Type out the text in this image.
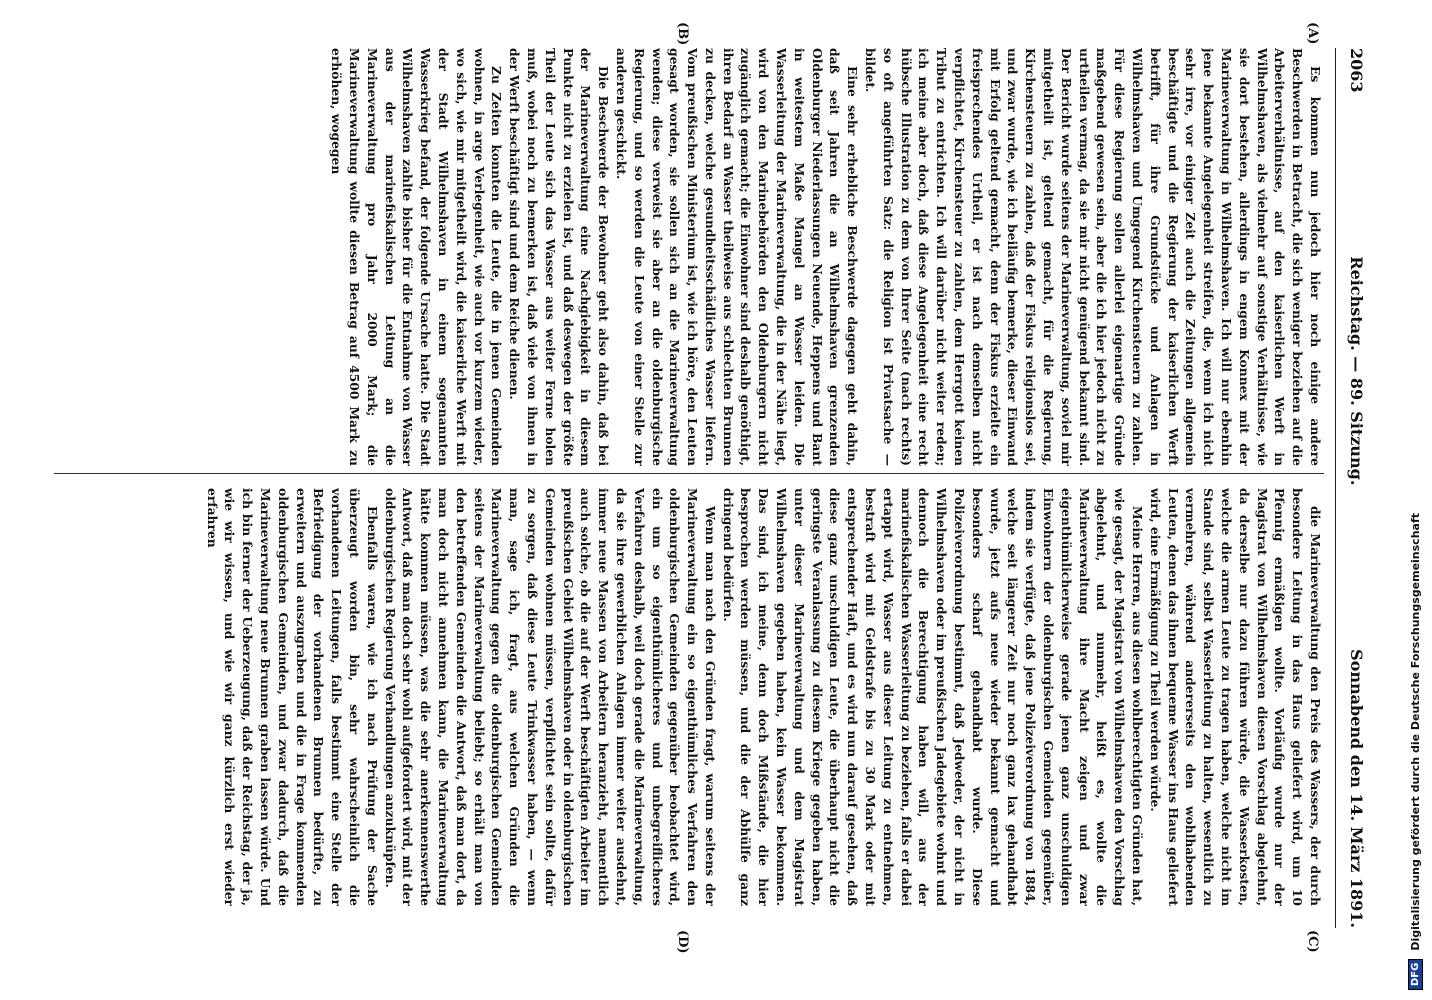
2063
Reichstag. — 89. Sitzung.
Sonnabend den 14. März 1891.
(A)
(B)
(C)
(D)

Es kommen nun jedoch hier noch einige andere Beschwerden in Betracht, die sich weniger beziehen auf die Arbeiterverhältnisse, auf den kaiserlichen Werft in Wilhelmshaven, als vielmehr auf sonstige Verhältnisse, wie sie dort bestehen, allerdings in engem Konnex mit der Marineverwaltung in Wilhelmshaven. Ich will nur ebenhin jene bekannte Angelegenheit streifen, die, wenn ich nicht sehr irre, vor einiger Zeit auch die Zeitungen allgemein beschäftigte und die Regierung der kaiserlichen Werft betrifft, für ihre Grundstücke und Anlagen in Wilhelmshaven und Umgegend Kirchensteuern zu zahlen. Für diese Regierung sollen allerlei eigenartige Gründe maßgebend gewesen sein, aber die ich hier jedoch nicht zu urtheilen vermag, da sie mir nicht genügend bekannt sind. Der Bericht wurde seitens der Marineverwaltung, soviel mir mitgetheilt ist, geltend gemacht, für die Regierung, Kirchensteuern zu zahlen, daß der Fiskus religionslos sei, und zwar wurde, wie ich beiläufig bemerke, dieser Einwand mit Erfolg geltend gemacht, denn der Fiskus erzielte ein freisprechendes Urtheil, er ist nach demselben nicht verpflichtet, Kirchensteuer zu zahlen, dem Herrgott keinen Tribut zu entrichten. Ich will darüber nicht weiter reden; ich meine aber doch, daß diese Angelegenheit eine recht hübsche Illustration zu dem von Ihrer Seite (nach rechts) so oft angeführten Satz: die Religion ist Privatsache — bildet.

Eine sehr erhebliche Beschwerde dagegen geht dahin, daß seit Jahren die an Wilhelmshaven grenzenden Oldenburger Niederlassungen Neuende, Heppens und Bant in weitestem Maße Mangel an Wasser leiden. Die Wasserleitung der Marineverwaltung, die in der Nähe liegt, wird von den Marinebehörden den Oldenburgern nicht zugänglich gemacht; die Einwohner sind deshalb genöthigt, ihren Bedarf an Wasser theilweise aus schlechten Brunnen zu decken, welche gesundheitsschädliches Wasser liefern. Vom preußischen Ministerium ist, wie ich höre, den Leuten gesagt worden, sie sollen sich an die Marineverwaltung wenden; diese verweist sie aber an die oldenburgische Regierung, und so werden die Leute von einer Stelle zur anderen geschickt.

Die Beschwerde der Bewohner geht also dahin, daß bei der Marineverwaltung eine Nachgiebigkeit in diesem Punkte nicht zu erzielen ist, und daß deswegen der größte Theil der Leute sich das Wasser aus weiter Ferne holen muß, wobei noch zu bemerken ist, daß viele von ihnen in der Werft beschäftigt sind und dem Reiche dienen.

Zu Zeiten konnten die Leute, die in jenen Gemeinden wohnen, in arge Verlegenheit, wie auch vor kurzem wieder, wo sich, wie mir mitgetheilt wird, die kaiserliche Werft mit der Stadt Wilhelmshaven in einem sogenannten Wasserkrieg befand, der folgende Ursache hatte. Die Stadt Wilhelmshaven zahlte bisher für die Entnahme von Wasser aus der marinefiskalischen Leitung an die Marineverwaltung pro Jahr 2000 Mark; die Marineverwaltung wollte diesen Betrag auf 4500 Mark zu erhöhen, wogegen

die Marineverwaltung den Preis des Wassers, der durch besondere Leitung in das Haus geliefert wird, um 10 Pfennig ermäßigen wollte. Vorläufig wurde nur der Magistrat von Wilhelmshaven diesen Vorschlag abgelehnt, da derselbe nur dazu führen würde, die Wasserkosten, welche die armen Leute zu tragen haben, welche nicht im Stande sind, selbst Wasserleitung zu halten, wesentlich zu vermehren, während andererseits den wohlhabenden Leuten, denen das ihnen bequeme Wasser ins Haus geliefert wird, eine Ermäßigung zu Theil werden würde.

Meine Herren, aus diesen wohlberechtigten Gründen hat, wie gesagt, der Magistrat von Wilhelmshaven den Vorschlag abgelehnt, und nunmehr, heißt es, wollte die Marineverwaltung ihre Macht zeigen und zwar eigenthümlicherweise gerade jenen ganz unschuldigen Einwohnern der oldenburgischen Gemeinden gegenüber, indem sie verfügte, daß jene Polizeiverordnung von 1884, welche seit längerer Zeit nur noch ganz lax gehandhabt wurde, jetzt aufs neue wieder bekannt gemacht und besonders scharf gehandhabt wurde. Diese Polizeiverordnung bestimmt, daß Jedweder, der nicht in Wilhelmshaven oder im preußischen Jadegebiete wohnt und dennoch die Berechtigung haben will, aus der marinefiskalischen Wasserleitung zu beziehen, falls er dabei ertappt wird, Wasser aus dieser Leitung zu entnehmen, bestraft wird mit Geldstrafe bis zu 30 Mark oder mit entsprechender Haft, und es wird nun darauf gesehen, daß diese ganz unschuldigen Leute, die überhaupt nicht die geringste Veranlassung zu diesem Kriege gegeben haben, unter dieser Marineverwaltung und dem Magistrat Wilhelmshaven gegeben haben, kein Wasser bekommen. Das sind, ich meine, denn doch Mißstände, die hier besprochen werden müssen, und die der Abhülfe ganz dringend bedürfen.

Wenn man nach den Gründen fragt, warum seitens der Marineverwaltung ein so eigenthümliches Verfahren den oldenburgischen Gemeinden gegenüber beobachtet wird, ein um so eigenthümlicheres und unbegreiflicheres Verfahren deshalb, weil doch gerade die Marineverwaltung, da sie ihre gewerblichen Anlagen immer weiter ausdehnt, immer neue Massen von Arbeitern heranzieht, namentlich auch solche, ob die auf der Werft beschäftigten Arbeiter im preußischen Gebiet Wilhelmshaven oder in oldenburgischen Gemeinden wohnen müssen, verpflichtet sein sollte, dafür zu sorgen, daß diese Leute Trinkwasser haben, — wenn man, sage ich, fragt, aus welchen Gründen die Marineverwaltung gegen die oldenburgischen Gemeinden seitens der Marineverwaltung beliebt; so erhält man von den betreffenden Gemeinden die Antwort, daß man dort, da man doch nicht annehmen kann, die Marineverwaltung hätte kommen müssen, was die sehr anerkennenswerthe Antwort, daß man doch sehr wohl aufgefordert wird, mit der oldenburgischen Regierung Verhandlungen anzuknüpfen.

Ebenfalls waren, wie ich nach Prüfung der Sache überzeugt worden bin, sehr wahrscheinlich die vorhandenen Leitungen, falls bestimmt eine Stelle der Befriedigung der vorhandenen Brunnen bedürfte, zu erweitern und auszugraben und die in Frage kommenden oldenburgischen Gemeinden, und zwar dadurch, daß die Marineverwaltung neue Brunnen graben lassen würde. Und ich bin ferner der Ueberzeugung, daß der Reichstag, der ja, wie wir wissen, und wie wir ganz kürzlich erst wieder erfahren

DFG
Digitalisierung gefördert durch die Deutsche Forschungsgemeinschaft
